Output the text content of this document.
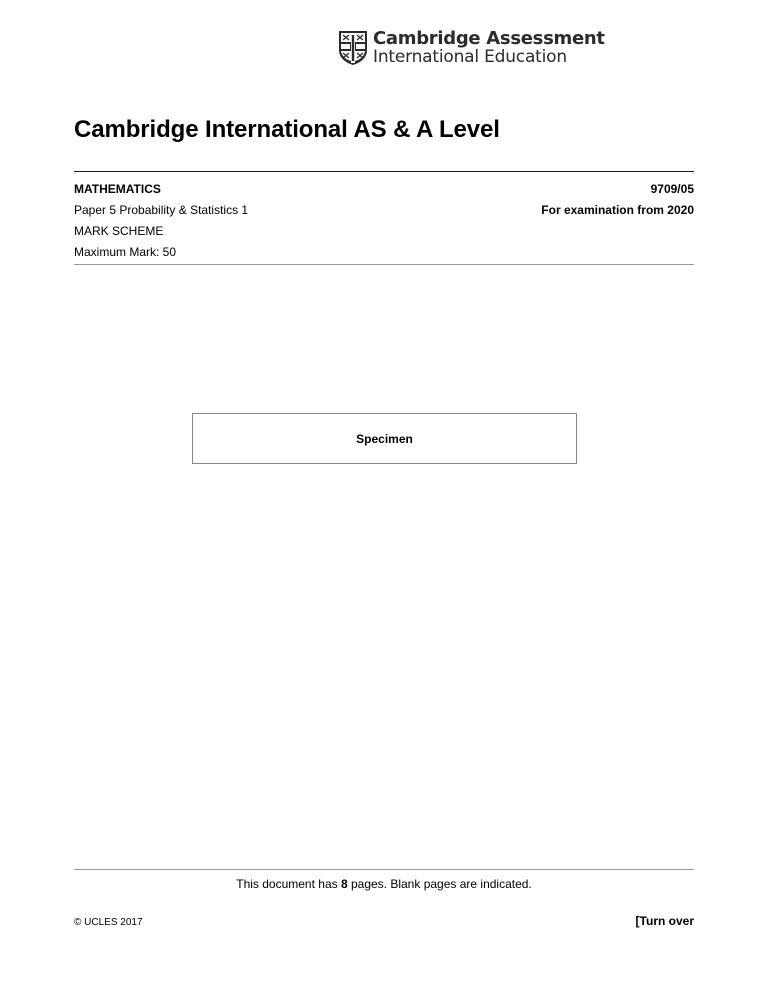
Cambridge Assessment
International Education
Cambridge International AS & A Level
MATHEMATICS
Paper 5 Probability & Statistics 1
MARK SCHEME
Maximum Mark: 50
9709/05
For examination from 2020
Specimen
This document has 8 pages. Blank pages are indicated.
© UCLES 2017	[Turn over
